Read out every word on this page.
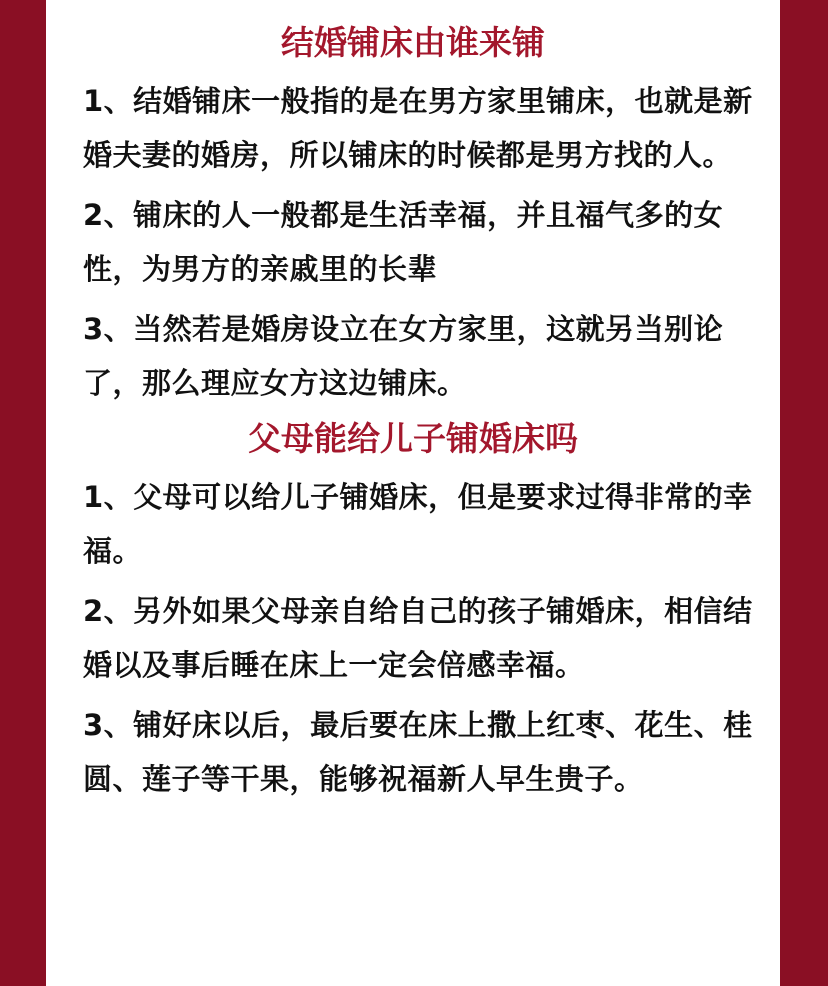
结婚铺床由谁来铺

1、结婚铺床一般指的是在男方家里铺床，也就是新婚夫妻的婚房，所以铺床的时候都是男方找的人。

2、铺床的人一般都是生活幸福，并且福气多的女性，为男方的亲戚里的长辈

3、当然若是婚房设立在女方家里，这就另当别论了，那么理应女方这边铺床。

父母能给儿子铺婚床吗

1、父母可以给儿子铺婚床，但是要求过得非常的幸福。

2、另外如果父母亲自给自己的孩子铺婚床，相信结婚以及事后睡在床上一定会倍感幸福。

3、铺好床以后，最后要在床上撒上红枣、花生、桂圆、莲子等干果，能够祝福新人早生贵子。
